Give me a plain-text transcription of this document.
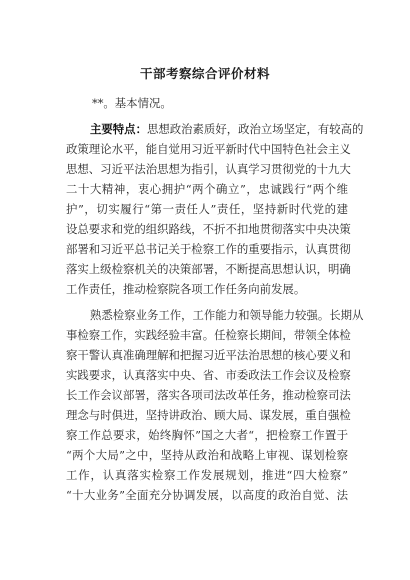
干部考察综合评价材料
**。基本情况。
主要特点：思想政治素质好，政治立场坚定，有较高的
政策理论水平，能自觉用习近平新时代中国特色社会主义
思想、习近平法治思想为指引，认真学习贯彻党的十九大
二十大精神，衷心拥护“两个确立”，忠诚践行“两个维
护”，切实履行“第一责任人”责任，坚持新时代党的建
设总要求和党的组织路线，不折不扣地贯彻落实中央决策
部署和习近平总书记关于检察工作的重要指示，认真贯彻
落实上级检察机关的决策部署，不断提高思想认识，明确
工作责任，推动检察院各项工作任务向前发展。
熟悉检察业务工作，工作能力和领导能力较强。长期从
事检察工作，实践经验丰富。任检察长期间，带领全体检
察干警认真准确理解和把握习近平法治思想的核心要义和
实践要求，认真落实中央、省、市委政法工作会议及检察
长工作会议部署，落实各项司法改革任务，推动检察司法
理念与时俱进，坚持讲政治、顾大局、谋发展，重自强检
察工作总要求，始终胸怀”国之大者“，把检察工作置于
“两个大局”之中，坚持从政治和战略上审视、谋划检察
工作，认真落实检察工作发展规划，推进“四大检察”
“十大业务”全面充分协调发展，以高度的政治自觉、法
